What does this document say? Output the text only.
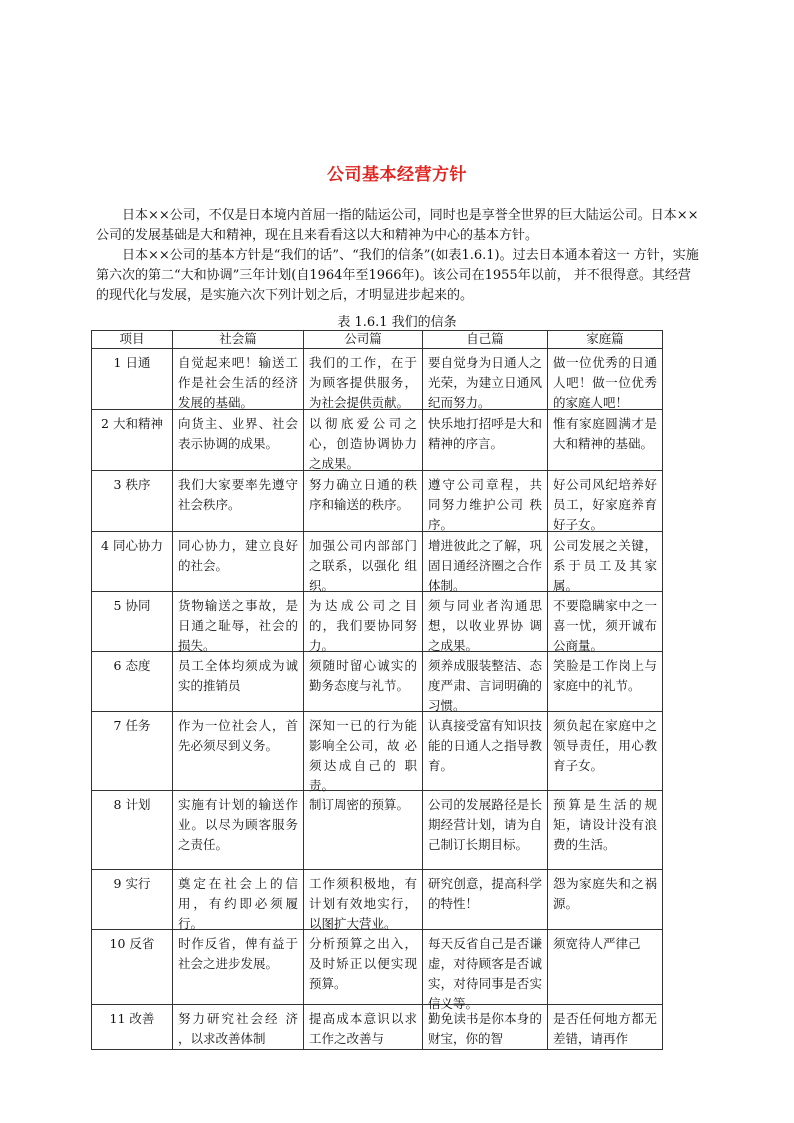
公司基本经营方针

日本××公司，不仅是日本境内首屈一指的陆运公司，同时也是享誉全世界的巨大陆运公司。日本××公司的发展基础是大和精神，现在且来看看这以大和精神为中心的基本方针。

日本××公司的基本方针是“我们的话”、“我们的信条”(如表1.6.1)。过去日本通本着这一 方针，实施第六次的第二“大和协调”三年计划(自1964年至1966年)。该公司在1955年以前， 并不很得意。其经营的现代化与发展，是实施六次下列计划之后，才明显进步起来的。

表 1.6.1 我们的信条
项目	社会篇	公司篇	自己篇	家庭篇
1 日通	自觉起来吧！输送工作是社会生活的经济发展的基础。	我们的工作，在于为顾客提供服务，为社会提供贡献。	要自觉身为日通人之光荣，为建立日通风纪而努力。	做一位优秀的日通人吧！做一位优秀的家庭人吧！

2 大和精神	向货主、业界、社会表示协调的成果。	以彻底爱公司之心，创造协调协力 之成果。	快乐地打招呼是大和精神的序言。	惟有家庭圆满才是大和精神的基础。

3 秩序	我们大家要率先遵守社会秩序。	努力确立日通的秩序和输送的秩序。	遵守公司章程，共 同努力维护公司 秩序。	好公司风纪培养好员工，好家庭养育好子女。

4 同心协力	同心协力，建立良好的社会。	加强公司内部部门之联系，以强化 组织。	增进彼此之了解，巩固日通经济圈之合作体制。	公司发展之关键，系于员工及其家属。

5 协同	货物输送之事故，是日通之耻辱，社会的损失。	为达成公司之目的，我们要协同努 力。	须与同业者沟通思想，以收业界协 调之成果。	不要隐瞒家中之一喜一忧，须开诚布公商量。

6 态度	员工全体均须成为诚实的推销员	须随时留心诚实的勤务态度与礼节。	须养成服装整洁、态度严肃、言词明确的习惯。	笑脸是工作岗上与家庭中的礼节。

7 任务	作为一位社会人，首先必须尽到义务。	深知一已的行为能影响全公司，故 必须达成自己的 职责。	认真接受富有知识技能的日通人之指导教育。	须负起在家庭中之领导责任，用心教育子女。

8 计划	实施有计划的输送作业。以尽为顾客服务之责任。	制订周密的预算。	公司的发展路径是长期经营计划，请为自己制订长期目标。	预算是生活的规矩，请设计没有浪费的生活。

9 实行	奠定在社会上的信用，有约即必须履行。	工作须积极地，有计划有效地实行，以图扩大营业。	研究创意，提高科学的特性！	怨为家庭失和之祸源。

10 反省	时作反省，俾有益于社会之进步发展。	分析预算之出入，及时矫正以便实现预算。	每天反省自己是否谦虚，对待顾客是否诚实，对待同事是否实信义等。	须宽待人严律己

11 改善	努力研究社会经 济 ，以求改善体制	提高成本意识以求工作之改善与	勤免读书是你本身的财宝，你的智	是否任何地方都无差错，请再作
